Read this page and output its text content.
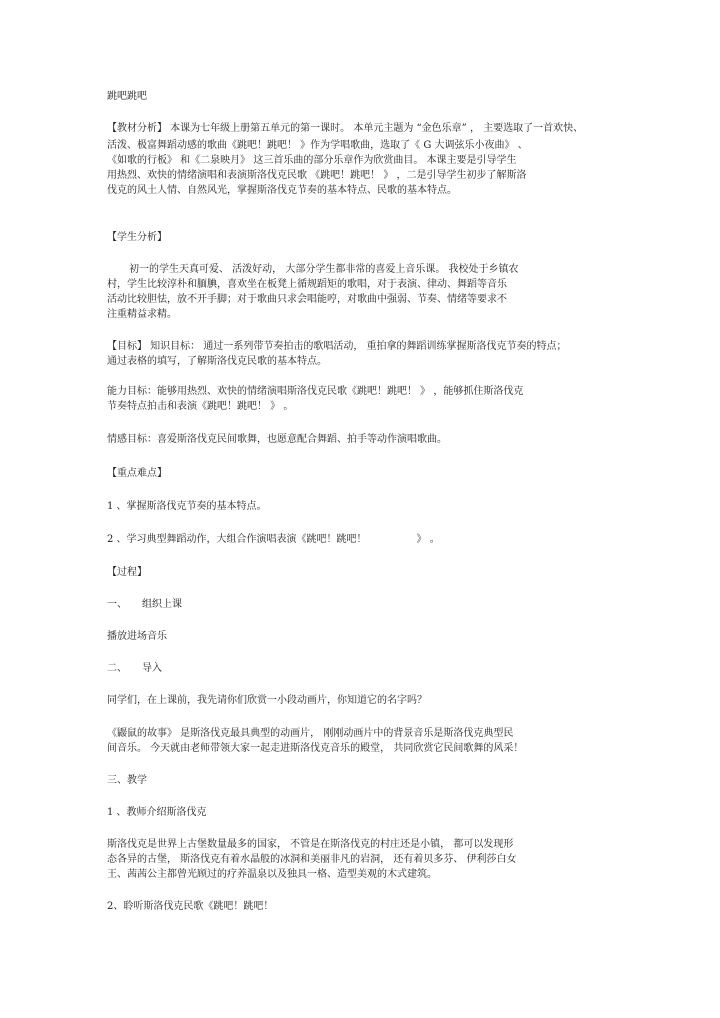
跳吧跳吧

【教材分析】 本课为七年级上册第五单元的第一课时。 本单元主题为 “金色乐章” ， 主要选取了一首欢快、
活泼、极富舞蹈动感的歌曲《跳吧！跳吧！ 》作为学唱歌曲，选取了《 G 大调弦乐小夜曲》 、
《如歌的行板》 和《二泉映月》 这三首乐曲的部分乐章作为欣赏曲目。 本课主要是引导学生
用热烈、欢快的情绪演唱和表演斯洛伐克民歌 《跳吧！跳吧！ 》 ，二是引导学生初步了解斯洛
伐克的风土人情、自然风光，掌握斯洛伐克节奏的基本特点、民歌的基本特点。

【学生分析】

初一的学生天真可爱、 活泼好动， 大部分学生都非常的喜爱上音乐课。 我校处于乡镇农
村，学生比较淳朴和腼腆，喜欢坐在板凳上循规蹈矩的歌唱，对于表演、律动、舞蹈等音乐
活动比较胆怯，放不开手脚；对于歌曲只求会唱能哼，对歌曲中强弱、节奏、情绪等要求不
注重精益求精。
【目标】 知识目标： 通过一系列带节奏拍击的歌唱活动， 重拍拿的舞蹈训练掌握斯洛伐克节奏的特点；
通过表格的填写，了解斯洛伐克民歌的基本特点。
能力目标：能够用热烈、欢快的情绪演唱斯洛伐克民歌《跳吧！跳吧！ 》 ，能够抓住斯洛伐克
节奏特点拍击和表演《跳吧！跳吧！ 》 。

情感目标：喜爱斯洛伐克民间歌舞，也愿意配合舞蹈、拍手等动作演唱歌曲。

【重点难点】

1 、掌握斯洛伐克节奏的基本特点。

2 、学习典型舞蹈动作，大组合作演唱表演《跳吧！跳吧！　　　　　》 。

【过程】

一、　　组织上课

播放进场音乐

二、　　导入

同学们，在上课前，我先请你们欣赏一小段动画片，你知道它的名字吗？

《鼹鼠的故事》 是斯洛伐克最具典型的动画片， 刚刚动画片中的背景音乐是斯洛伐克典型民
间音乐。 今天就由老师带领大家一起走进斯洛伐克音乐的殿堂， 共同欣赏它民间歌舞的风采！

三、教学

1 、教师介绍斯洛伐克

斯洛伐克是世界上古堡数量最多的国家， 不管是在斯洛伐克的村庄还是小镇， 都可以发现形
态各异的古堡， 斯洛伐克有着水晶般的冰洞和美丽非凡的岩洞， 还有着贝多芬、 伊利莎白女
王、茜茜公主都曾光顾过的疗养温泉以及独具一格、造型美观的木式建筑。

2、聆听斯洛伐克民歌《跳吧！跳吧！
